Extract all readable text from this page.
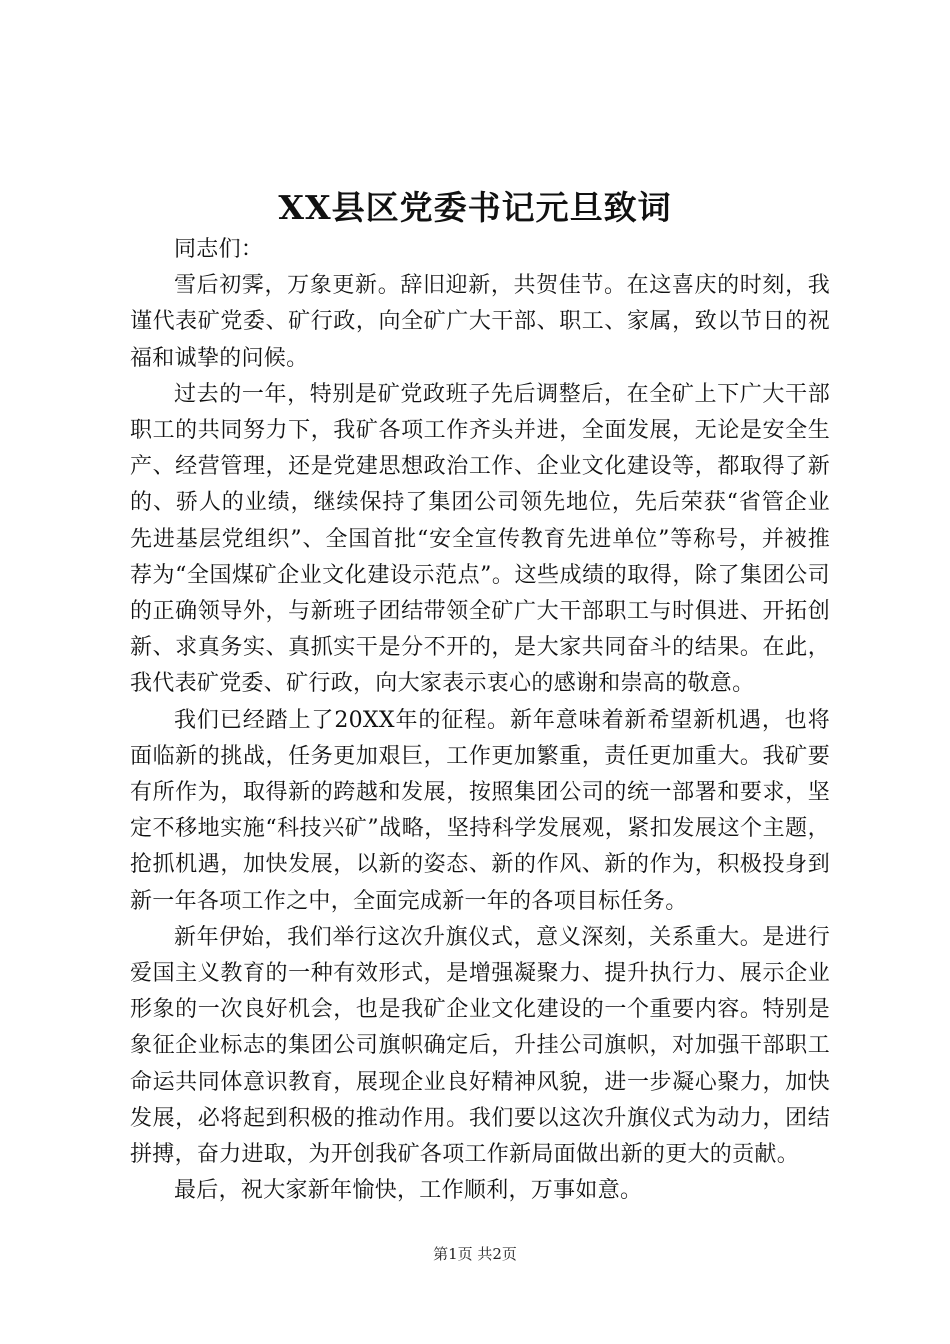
XX县区党委书记元旦致词

同志们：

雪后初霁，万象更新。辞旧迎新，共贺佳节。在这喜庆的时刻，我谨代表矿党委、矿行政，向全矿广大干部、职工、家属，致以节日的祝福和诚挚的问候。

过去的一年，特别是矿党政班子先后调整后，在全矿上下广大干部职工的共同努力下，我矿各项工作齐头并进，全面发展，无论是安全生产、经营管理，还是党建思想政治工作、企业文化建设等，都取得了新的、骄人的业绩，继续保持了集团公司领先地位，先后荣获“省管企业先进基层党组织”、全国首批“安全宣传教育先进单位”等称号，并被推荐为“全国煤矿企业文化建设示范点”。这些成绩的取得，除了集团公司的正确领导外，与新班子团结带领全矿广大干部职工与时俱进、开拓创新、求真务实、真抓实干是分不开的，是大家共同奋斗的结果。在此，我代表矿党委、矿行政，向大家表示衷心的感谢和崇高的敬意。

我们已经踏上了20XX年的征程。新年意味着新希望新机遇，也将面临新的挑战，任务更加艰巨，工作更加繁重，责任更加重大。我矿要有所作为，取得新的跨越和发展，按照集团公司的统一部署和要求，坚定不移地实施“科技兴矿”战略，坚持科学发展观，紧扣发展这个主题，抢抓机遇，加快发展，以新的姿态、新的作风、新的作为，积极投身到新一年各项工作之中，全面完成新一年的各项目标任务。

新年伊始，我们举行这次升旗仪式，意义深刻，关系重大。是进行爱国主义教育的一种有效形式，是增强凝聚力、提升执行力、展示企业形象的一次良好机会，也是我矿企业文化建设的一个重要内容。特别是象征企业标志的集团公司旗帜确定后，升挂公司旗帜，对加强干部职工命运共同体意识教育，展现企业良好精神风貌，进一步凝心聚力，加快发展，必将起到积极的推动作用。我们要以这次升旗仪式为动力，团结拼搏，奋力进取，为开创我矿各项工作新局面做出新的更大的贡献。

最后，祝大家新年愉快，工作顺利，万事如意。

第1页 共2页
